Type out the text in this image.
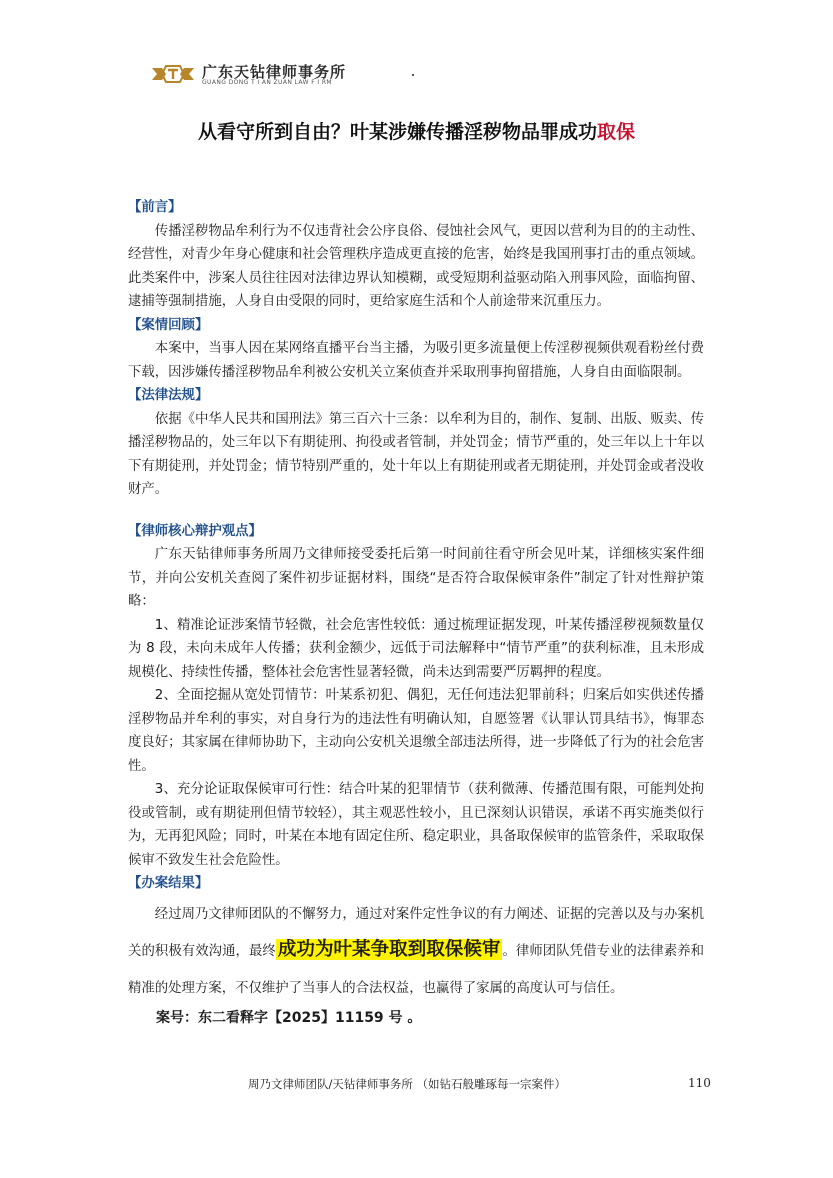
广东天钻律师事务所
GUANG DONG T I AN ZUAN LAW F I RM
从看守所到自由？叶某涉嫌传播淫秽物品罪成功取保

【前言】

传播淫秽物品牟利行为不仅违背社会公序良俗、侵蚀社会风气，更因以营利为目的的主动性、经营性，对青少年身心健康和社会管理秩序造成更直接的危害，始终是我国刑事打击的重点领域。此类案件中，涉案人员往往因对法律边界认知模糊，或受短期利益驱动陷入刑事风险，面临拘留、逮捕等强制措施，人身自由受限的同时，更给家庭生活和个人前途带来沉重压力。

【案情回顾】

本案中，当事人因在某网络直播平台当主播，为吸引更多流量便上传淫秽视频供观看粉丝付费下载，因涉嫌传播淫秽物品牟利被公安机关立案侦查并采取刑事拘留措施，人身自由面临限制。

【法律法规】

依据《中华人民共和国刑法》第三百六十三条：以牟利为目的，制作、复制、出版、贩卖、传播淫秽物品的，处三年以下有期徒刑、拘役或者管制，并处罚金；情节严重的，处三年以上十年以下有期徒刑，并处罚金；情节特别严重的，处十年以上有期徒刑或者无期徒刑，并处罚金或者没收财产。

【律师核心辩护观点】

广东天钻律师事务所周乃文律师接受委托后第一时间前往看守所会见叶某，详细核实案件细节，并向公安机关查阅了案件初步证据材料，围绕“是否符合取保候审条件”制定了针对性辩护策略：

1、精准论证涉案情节轻微，社会危害性较低：通过梳理证据发现，叶某传播淫秽视频数量仅为 8 段，未向未成年人传播；获利金额少，远低于司法解释中“情节严重”的获利标准，且未形成规模化、持续性传播，整体社会危害性显著轻微，尚未达到需要严厉羁押的程度。

2、全面挖掘从宽处罚情节：叶某系初犯、偶犯，无任何违法犯罪前科；归案后如实供述传播淫秽物品并牟利的事实，对自身行为的违法性有明确认知，自愿签署《认罪认罚具结书》，悔罪态度良好；其家属在律师协助下，主动向公安机关退缴全部违法所得，进一步降低了行为的社会危害性。

3、充分论证取保候审可行性：结合叶某的犯罪情节（获利微薄、传播范围有限，可能判处拘役或管制，或有期徒刑但情节较轻），其主观恶性较小，且已深刻认识错误，承诺不再实施类似行为，无再犯风险；同时，叶某在本地有固定住所、稳定职业，具备取保候审的监管条件，采取取保候审不致发生社会危险性。

【办案结果】

经过周乃文律师团队的不懈努力，通过对案件定性争议的有力阐述、证据的完善以及与办案机关的积极有效沟通，最终 成功为叶某争取到取保候审 。律师团队凭借专业的法律素养和精准的处理方案，不仅维护了当事人的合法权益，也赢得了家属的高度认可与信任。

案号：东二看释字【2025】11159 号 。

周乃文律师团队/天钻律师事务所 （如钻石般雕琢每一宗案件）	110
